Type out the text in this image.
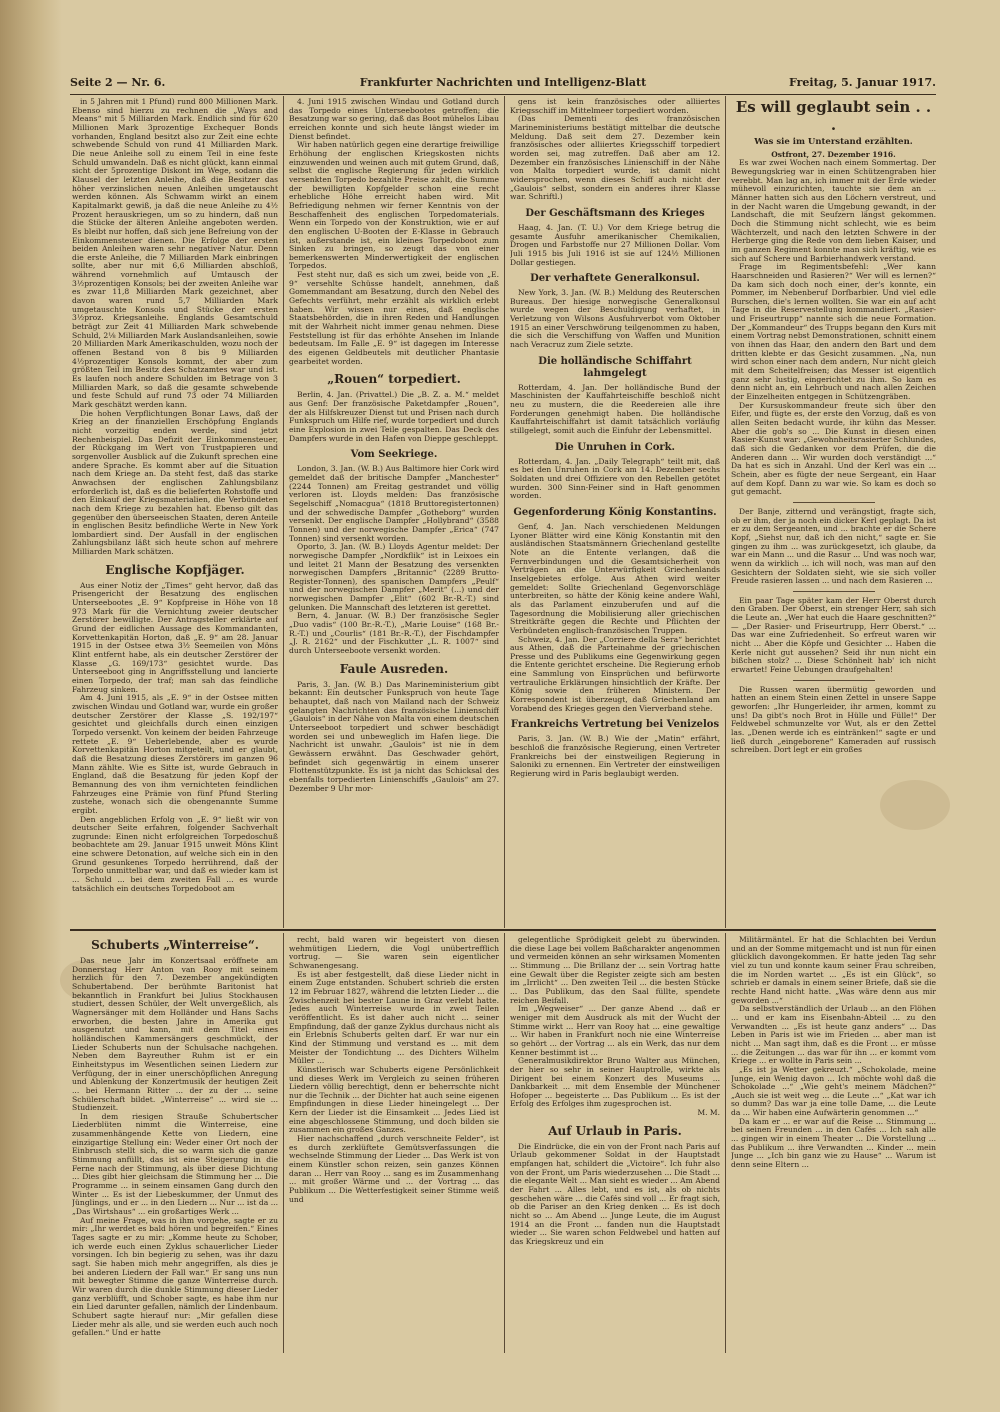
Seite 2 — Nr. 6.	Frankfurter Nachrichten und Intelligenz-Blatt	Freitag, 5. Januar 1917.

in 5 Jahren mit 1 Pfund) rund 800 Millionen Mark. Ebenso sind hierzu zu rechnen die „Ways and Means“ mit 5 Milliarden Mark. Endlich sind für 620 Millionen Mark 3prozentige Exchequer Bonds vorhanden, England besitzt also zur Zeit eine echte schwebende Schuld von rund 41 Milliarden Mark. Die neue Anleihe soll zu einem Teil in eine feste Schuld umwandeln. Daß es nicht glückt, kann einmal sicht der 5prozentige Diskont im Wege, sodann die Klausel der letzten Anleihe, daß die Besitzer das höher verzinslichen neuen Anleihen umgetauscht werden können. Als Schwamm wirkt an einem Kapitalmarkt gewiß, ja daß die neue Anleihe zu 4½ Prozent herauskriegen, um so zu hindern, daß nun die Stücke der älteren Anleihe angeboten werden. Es bleibt nur hoffen, daß sich jene Befreiung von der Einkommensteuer dienen. Die Erfolge der ersten beiden Anleihen waren sehr negativer Natur. Denn die erste Anleihe, die 7 Milliarden Mark einbringen sollte, aber nur mit 6,6 Milliarden abschloß, während vornehmlich auf Umtausch der 3½prozentigen Konsols; bei der zweiten Anleihe war es zwar 11,8 Milliarden Mark gezeichnet, aber davon waren rund 5,7 Milliarden Mark umgetauschte Konsols und Stücke der ersten 3½proz. Kriegsanleihe. Englands Gesamtschuld beträgt zur Zeit 41 Milliarden Mark schwebende Schuld, 2⅛ Milliarden Mark Auslandsanleihen, sowie 20 Milliarden Mark Amerikaschulden, wozu noch der offenen Bestand von 8 bis 9 Milliarden 4½prozentiger Konsols kommt, der aber zum größten Teil im Besitz des Schatzamtes war und ist. Es laufen noch andere Schulden im Betrage von 3 Milliarden Mark, so daß die gesamte schwebende und feste Schuld auf rund 73 oder 74 Milliarden Mark geschätzt werden kann.

Die hohen Verpflichtungen Bonar Laws, daß der Krieg an der finanziellen Erschöpfung Englands nicht vorzeitig enden werde, sind jetzt Rechenbeispiel. Das Defizit der Einkommensteuer, der Rückgang im Wert von Trustpapieren und sorgenvoller Ausblick auf die Zukunft sprechen eine andere Sprache. Es kommt aber auf die Situation nach dem Kriege an. Da steht fest, daß das starke Anwachsen der englischen Zahlungsbilanz erforderlich ist, daß es die belieferten Rohstoffe und den Einkauf der Kriegsmaterialien, die Verbündeten nach dem Kriege zu bezahlen hat. Ebenso gilt das gegenüber den überseeischen Staaten, deren Anteile in englischen Besitz befindliche Werte in New York lombardiert sind. Der Ausfall in der englischen Zahlungsbilanz läßt sich heute schon auf mehrere Milliarden Mark schätzen.

Englische Kopfjäger.

Aus einer Notiz der „Times“ geht hervor, daß das Prisengericht der Besatzung des englischen Unterseebootes „E. 9“ Kopfpreise in Höhe von 18 973 Mark für die Vernichtung zweier deutscher Zerstörer bewilligte. Der Antragsteller erklärte auf Grund der eidlichen Aussage des Kommandanten, Korvettenkapitän Horton, daß „E. 9“ am 28. Januar 1915 in der Ostsee etwa 3½ Seemeilen von Möns Klint entfernt habe, als ein deutscher Zerstörer der Klasse „G. 169/173“ gesichtet wurde. Das Unterseeboot ging in Angriffsstellung und lancierte einen Torpedo, der traf; man sah das feindliche Fahrzeug sinken.

Am 4. Juni 1915, als „E. 9“ in der Ostsee mitten zwischen Windau und Gotland war, wurde ein großer deutscher Zerstörer der Klasse „S. 192/197“ gesichtet und gleichfalls durch einen einzigen Torpedo versenkt. Von keinem der beiden Fahrzeuge rettete „E. 9“ Ueberlebende, aber es wurde Korvettenkapitän Horton mitgeteilt, und er glaubt, daß die Besatzung dieses Zerstörers im ganzen 96 Mann zählte. Wie es Sitte ist, wurde Gebrauch in England, daß die Besatzung für jeden Kopf der Bemannung des von ihm vernichteten feindlichen Fahrzeuges eine Prämie von fünf Pfund Sterling zustehe, wonach sich die obengenannte Summe ergibt.

Den angeblichen Erfolg von „E. 9“ ließt wir von deutscher Seite erfahren, folgender Sachverhalt zugrunde: Einen nicht erfolgreichen Torpedoschuß beobachtete am 29. Januar 1915 unweit Möns Klint eine schwere Detonation, auf welche sich ein in den Grund gesunkenes Torpedo herrührend, daß der Torpedo unmittelbar war, und daß es wieder kam ist ... Schuld ... bei dem zweiten Fall ... es wurde tatsächlich ein deutsches Torpedoboot am

4. Juni 1915 zwischen Windau und Gotland durch das Torpedo eines Unterseebootes getroffen; die Besatzung war so gering, daß das Boot mühelos Libau erreichen konnte und sich heute längst wieder im Dienst befindet.

Wir haben natürlich gegen eine derartige freiwillige Erhöhung der englischen Kriegskosten nichts einzuwenden und weinen auch mit gutem Grund, daß, selbst die englische Regierung für jeden wirklich versenkten Torpedo bezahlte Preise zahlt, die Summe der bewilligten Kopfgelder schon eine recht erhebliche Höhe erreicht haben wird. Mit Befriedigung nehmen wir ferner Kenntnis von der Beschaffenheit des englischen Torpedomaterials. Wenn ein Torpedo von der Konstruktion, wie er auf den englischen U-Booten der E-Klasse in Gebrauch ist, außerstande ist, ein kleines Torpedoboot zum Sinken zu bringen, so zeugt das von einer bemerkenswerten Minderwertigkeit der englischen Torpedos.

Fest steht nur, daß es sich um zwei, beide von „E. 9“ versehlte Schüsse handelt, annehmen, daß Gomemmandant am Besatzung, durch den Nebel des Gefechts verführt, mehr erzählt als wirklich erlebt haben. Wir wissen nur eines, daß englische Staatsbehörden, die in ihren Reden und Handlungen mit der Wahrheit nicht immer genau nehmen. Diese Feststellung ist für das erhöhte Ansehen im Inlande bedeutsam. Im Falle „E. 9“ ist dagegen im Interesse des eigenen Geldbeutels mit deutlicher Phantasie gearbeitet worden.

„Rouen“ torpediert.

Berlin, 4. Jan. (Privattel.) Die „B. Z. a. M.“ meldet aus Genf: Der französische Paketdampfer „Rouen“, der als Hilfskreuzer Dienst tut und Prisen nach durch Funkspruch um Hilfe rief, wurde torpediert und durch eine Explosion in zwei Teile gespalten. Das Deck des Dampfers wurde in den Hafen von Dieppe geschleppt.

Vom Seekriege.

London, 3. Jan. (W. B.) Aus Baltimore hier Cork wird gemeldet daß der britische Dampfer „Manchester“ (2244 Tonnen) am Freitag gestrandet und völlig verloren ist. Lloyds melden: Das französische Segelschiff „Nomacgua“ (1818 Bruttoregistertonnen) und der schwedische Dampfer „Gotheborg“ wurden versenkt. Der englische Dampfer „Hollybrand“ (3588 Tonnen) und der norwegische Dampfer „Erica“ (747 Tonnen) sind versenkt worden.

Oporto, 3. Jan. (W. B.) Lloyds Agentur meldet: Der norwegische Dampfer „Nordkflik“ ist in Leixoes ein und leitet 21 Mann der Besatzung des versenkten norwegischen Dampfers „Britannic“ (2289 Brutto-Register-Tonnen), des spanischen Dampfers „Peulf“ und der norwegischen Dampfer „Merit“ (...) und der norwegischen Dampfer „Elit“ (602 Br.-R.-T.) sind gelunken. Die Mannschaft des letzteren ist gerettet.

Bern, 4. Januar. (W. B.) Der französische Segler „Duo vadis“ (100 Br.-R.-T.), „Marie Louise“ (168 Br.-R.-T.) und „Courlis“ (181 Br.-R.-T.), der Fischdampfer „J. R. 2162“ und der Fischkutter „L. R. 1007“ sind durch Unterseeboote versenkt worden.

Faule Ausreden.

Paris, 3. Jan. (W. B.) Das Marineministerium gibt bekannt: Ein deutscher Funkspruch von heute Tage behauptet, daß nach von Mailand nach der Schweiz gelangten Nachrichten das französische Linienschiff „Gaulois“ in der Nähe von Malta von einem deutschen Unterseeboot torpediert und schwer beschädigt worden sei und unbeweglich im Hafen liege. Die Nachricht ist unwahr. „Gaulois“ ist nie in dem Gewässern erwähnt. Das Geschwader gehört, befindet sich gegenwärtig in einem unserer Flottenstützpunkte. Es ist ja nicht das Schicksal des ebenfalls torpedierten Linienschiffs „Gaulois“ am 27. Dezember 9 Uhr mor-

gens ist kein französisches oder alliiertes Kriegsschiff im Mittelmeer torpediert worden.

(Das Dementi des französischen Marineministeriums bestätigt mittelbar die deutsche Meldung. Daß seit dem 27. Dezember kein französisches oder alliiertes Kriegsschiff torpediert worden sei, mag zutreffen. Daß aber am 12. Dezember ein französisches Linienschiff in der Nähe von Malta torpediert wurde, ist damit nicht widersprochen, wenn dieses Schiff auch nicht der „Gaulois“ selbst, sondern ein anderes ihrer Klasse war. Schriftl.)

Der Geschäftsmann des Krieges

Haag, 4. Jan. (T. U.) Vor dem Kriege betrug die gesamte Ausfuhr amerikanischer Chemikalien, Drogen und Farbstoffe nur 27 Millionen Dollar. Vom Juli 1915 bis Juli 1916 ist sie auf 124½ Millionen Dollar gestiegen.

Der verhaftete Generalkonsul.

New York, 3. Jan. (W. B.) Meldung des Reuterschen Bureaus. Der hiesige norwegische Generalkonsul wurde wegen der Beschuldigung verhaftet, in Verletzung von Wilsons Ausfuhrverbot vom Oktober 1915 an einer Verschwörung teilgenommen zu haben, die sich die Verschiffung von Waffen und Munition nach Veracruz zum Ziele setzte.

Die holländische Schiffahrt lahmgelegt

Rotterdam, 4. Jan. Der holländische Bund der Maschinisten der Kauffahrteischiffe beschloß nicht neu zu mustern, die die Reedereien alle ihre Forderungen genehmigt haben. Die holländische Kauffahrteischiffahrt ist damit tatsächlich vorläufig stillgelegt, somit auch die Einfuhr der Lebensmittel.

Die Unruhen in Cork.

Rotterdam, 4. Jan. „Daily Telegraph“ teilt mit, daß es bei den Unruhen in Cork am 14. Dezember sechs Soldaten und drei Offiziere von den Rebellen getötet wurden. 300 Sinn-Feiner sind in Haft genommen worden.

Gegenforderung König Konstantins.

Genf, 4. Jan. Nach verschiedenen Meldungen Lyoner Blätter wird eine König Konstantin mit den ausländischen Staatsmännern Griechenland gestellte Note an die Entente verlangen, daß die Fernverbindungen und die Gesamtsicherheit von Verträgen an die Unterwürfigkeit Griechenlands Inselgebietes erfolge. Aus Athen wird weiter gemeldet: Sollte Griechenland Gegenvorschläge unterbreiten, so hätte der König keine andere Wahl, als das Parlament einzuberufen und auf die Tagesordnung die Mobilisierung aller griechischen Streitkräfte gegen die Rechte und Pflichten der Verbündeten englisch-französischen Truppen.

Schweiz, 4. Jan. Der „Corriere della Sera“ berichtet aus Athen, daß die Parteinahme der griechischen Presse und des Publikums eine Gegenwirkung gegen die Entente gerichtet erscheine. Die Regierung erhob eine Sammlung von Einsprüchen und befürworte vertrauliche Erklärungen hinsichtlich der Kräfte. Der König sowie den früheren Ministern. Der Korrespondent ist überzeugt, daß Griechenland am Vorabend des Krieges gegen den Vierverband stehe.

Frankreichs Vertretung bei Venizelos

Paris, 3. Jan. (W. B.) Wie der „Matin“ erfährt, beschloß die französische Regierung, einen Vertreter Frankreichs bei der einstweiligen Regierung in Saloniki zu ernennen. Ein Vertreter der einstweiligen Regierung wird in Paris beglaubigt werden.

Es will geglaubt sein . . .
Was sie im Unterstand erzählten.
Ostfront, 27. Dezember 1916.

Es war zwei Wochen nach einem Sommertag. Der Bewegungskrieg war in einen Schützengraben hier verebbt. Man lag an, ich immer mit der Erde wieder mühevoll einzurichten, tauchte sie dem an ... Männer hatten sich aus den Löchern verstreut, und in der Nacht waren die Umgebung gewandt, in der Landschaft, die mit Seufzern längst gekommen. Doch die Stimmung nicht schlecht, wie es beim Wächterzelt, und nach den letzten Schwere in der Herberge ging die Rede von dem lieben Kaiser, und im ganzen Regiment konnte man sich kräftig, wie es sich auf Schere und Barbierhandwerk verstand.

Frage im Regimentsbefehl: „Wer kann Haarschneiden und Rasieren?“ Wer will es lernen?“ Da kam sich doch noch einer, der's konnte, ein Pommer, im Nebenberuf Dorfbarbier. Und viel edle Burschen, die's lernen wollten. Sie war ein auf acht Tage in die Reservestellung kommandiert. „Rasier- und Friseurtrupp“ nannte sich die neue Formation. Der „Kommandeur“ des Trupps begann den Kurs mit einem Vortrag nebst Demonstrationen, schnitt einem von ihnen das Haar, den andern den Bart und dem dritten klebte er das Gesicht zusammen. „Na, nun wird schon einer nach dem andern, Nur nicht gleich mit dem Scheitelfreisen; das Messer ist eigentlich ganz sehr lustig, eingerichtet zu ihm. So kam es denn nicht an, ein Lehrbuch und nach allen Zeichen der Einzelheiten entgegen in Schützengräben.

Der Kursuskommandeur freute sich über den Eifer, und fügte es, der erste den Vorzug, daß es von allen Seiten bedacht wurde, ihr kühn das Messer. Aber die gob's so ... Die Kunst in diesen einen Rasier-Kunst war: „Gewohnheitsrasierter Schlundes, daß sich die Gedanken vor dem Prüfen, die die Anderen dann ... Wir wurden doch verständigt ...“ Da hat es sich in Anzahl. Und der Kerl was ein ... Schein, aber es fügte der neue Sergeant, ein Haar auf dem Kopf. Dann zu war wie. So kam es doch so gut gemacht.

Der Banje, zitternd und verängstigt, fragte sich, ob er ihm, der ja noch ein dicker Kerl geplagt. Da ist er zu dem Sergeanten, und ... brachte er die Schere Kopf, „Siehst nur, daß ich den nicht,“ sagte er. Sie gingen zu ihm ... was zurückgesetzt, ich glaube, da war ein Mann ... und die Rasur ... Und was noch war, wenn da wirklich ... ich will noch, was man auf den Gesichtern der Soldaten sieht, wie sie sich voller Freude rasieren lassen ... und nach dem Rasieren ...

Ein paar Tage später kam der Herr Oberst durch den Graben. Der Oberst, ein strenger Herr, sah sich die Leute an. „Wer hat euch die Haare geschnitten?“ — „Der Rasier- und Friseurtrupp, Herr Oberst.“ ... Das war eine Zufriedenheit. So erfreut waren wir nicht ... Aber die Köpfe und Gesichter ... Haben die Kerle nicht gut aussehen? Seid ihr nun nicht ein bißchen stolz? ... Diese Schönheit hab' ich nicht erwartet! Feine Uebungen draufgehalten!

Die Russen waren übermütig geworden und hatten an einem Stein einen Zettel in unsere Sappe geworfen: „Ihr Hungerleider, ihr armen, kommt zu uns! Da gibt's noch Brot in Hülle und Fülle!“ Der Feldwebel schmunzelte vor Wut, als er den Zettel las. „Denen werde ich es eintränken!“ sagte er und ließ durch „eingeborene“ Kameraden auf russisch schreiben. Dort legt er ein großes

Schuberts „Winterreise“.

Das neue Jahr im Konzertsaal eröffnete am Donnerstag Herr Anton van Rooy mit seinem herzlich für den 7. Dezember angekündigten Schubertabend. Der berühmte Baritonist hat bekanntlich in Frankfurt bei Julius Stockhausen studiert, dessen Schüler, der Welt unvergeßlich, als Wagnersänger mit dem Holländer und Hans Sachs erworben, die besten Jahre in Amerika gut ausgenutzt und kann, mit dem Titel eines holländischen Kammersängers geschmückt, der Lieder Schuberts nun der Schulsache nachgehen. Neben dem Bayreuther Ruhm ist er ein Einheitstypus im Wesentlichen seinen Liedern zur Verfügung, der in einer unerschöpflichen Anregung und Ablenkung der Konzertmusik der heutigen Zeit ... bei Hermann Ritter ... der zu der ... seine Schülerschaft bildet. „Winterreise“ ... wird sie ... Studienzeit.

In dem riesigen Strauße Schubertscher Liederblüten nimmt die Winterreise, eine zusammenhängende Kette von Liedern, eine einzigartige Stellung ein: Weder einer Ort noch der Einbrusch stellt sich, die so warm sich die ganze Stimmung anfüllt, das ist eine Steigerung in die Ferne nach der Stimmung, als über diese Dichtung ... Dies gibt hier gleichsam die Stimmung her ... Die Programme ... in seinem einsamen Gang durch den Winter ... Es ist der Liebeskummer, der Unmut des Jünglings, und er ... in den Liedern ... Nur ... ist da ... „Das Wirtshaus“ ... ein großartiges Werk ...

Auf meine Frage, was in ihm vorgehe, sagte er zu mir: „Ihr werdet es bald hören und begreifen.“ Eines Tages sagte er zu mir: „Komme heute zu Schober, ich werde euch einen Zyklus schauerlicher Lieder vorsingen. Ich bin begierig zu sehen, was ihr dazu sagt. Sie haben mich mehr angegriffen, als dies je bei anderen Liedern der Fall war.“ Er sang uns nun mit bewegter Stimme die ganze Winterreise durch. Wir waren durch die dunkle Stimmung dieser Lieder ganz verblüfft, und Schober sagte, es habe ihm nur ein Lied darunter gefallen, nämlich der Lindenbaum. Schubert sagte hierauf nur: „Mir gefallen diese Lieder mehr als alle, und sie werden euch auch noch gefallen.“ Und er hatte

recht, bald waren wir begeistert von diesen wehmütigen Liedern, die Vogl unübertrefflich vortrug. — Sie waren sein eigentlicher Schwanengesang.

Es ist aber festgestellt, daß diese Lieder nicht in einem Zuge entstanden. Schubert schrieb die ersten 12 im Februar 1827, während die letzten Lieder ... die Zwischenzeit bei bester Laune in Graz verlebt hatte. Jedes auch Winterreise wurde in zwei Teilen veröffentlicht. Es ist daher auch nicht ... seiner Empfindung, daß der ganze Zyklus durchaus nicht als ein Erlebnis Schuberts gelten darf. Er war nur ein Kind der Stimmung und verstand es ... mit dem Meister der Tondichtung ... des Dichters Wilhelm Müller ...

Künstlerisch war Schuberts eigene Persönlichkeit und dieses Werk im Vergleich zu seinen früheren Liedern völlig berechtigt, denn er beherrschte nicht nur die Technik ... der Dichter hat auch seine eigenen Empfindungen in diese Lieder hineingelegt ... Der Kern der Lieder ist die Einsamkeit ... Jedes Lied ist eine abgeschlossene Stimmung, und doch bilden sie zusammen ein großes Ganzes.

Hier nachschaffend „durch verschneite Felder“, ist es durch zerklüftete Gemütsverfassungen die wechselnde Stimmung der Lieder ... Das Werk ist von einem Künstler schon reizen, sein ganzes Können daran ... Herr van Rooy ... sang es im Zusammenhang ... mit großer Wärme und ... der Vortrag ... das Publikum ... Die Wetterfestigkeit seiner Stimme weiß und

gelegentliche Sprödigkeit gelebt zu überwinden. die diese Lage bei vollem Baßcharakter angenommen und vermeiden können an sehr wirksamen Momenten ... Stimmung ... Die Brillanz der ... sein Vortrag hatte eine Gewalt über die Register zeigte sich am besten im „Irrlicht“ ... Den zweiten Teil ... die besten Stücke ... Das Publikum, das den Saal füllte, spendete reichen Beifall.

Im „Wegweiser“ ... Der ganze Abend ... daß er weniger mit dem Ausdruck als mit der Wucht der Stimme wirkt ... Herr van Rooy hat ... eine gewaltige ... Wir haben in Frankfurt noch nie eine Winterreise so gehört ... der Vortrag ... als ein Werk, das nur dem Kenner bestimmt ist ...

Generalmusikdirektor Bruno Walter aus München, der hier so sehr in seiner Hauptrolle, wirkte als Dirigent bei einem Konzert des Museums ... Dankbarkeit ... mit dem Ensemble der Münchener Hofoper ... begeisterte ... Das Publikum ... Es ist der Erfolg des Erfolges ihm zugesprochen ist.

M. M.
Auf Urlaub in Paris.

Die Eindrücke, die ein von der Front nach Paris auf Urlaub gekommener Soldat in der Hauptstadt empfangen hat, schildert die „Victoire“. Ich fuhr also von der Front, um Paris wiederzusehen ... Die Stadt ... die elegante Welt ... Man sieht es wieder ... Am Abend der Fahrt ... Alles lebt, und es ist, als ob nichts geschehen wäre ... die Cafés sind voll ... Er fragt sich, ob die Pariser an den Krieg denken ... Es ist doch nicht so ... Am Abend ... Junge Leute, die im August 1914 an die Front ... fanden nun die Hauptstadt wieder ... Sie waren schon Feldwebel und hatten auf das Kriegskreuz und ein

Militärmäntel. Er hat die Schlachten bei Verdun und an der Somme mitgemacht und ist nun für einen glücklich davongekommen. Er hatte jeden Tag sehr viel zu tun und konnte kaum seiner Frau schreiben, die im Norden wartet ... „Es ist ein Glück“, so schrieb er damals in einem seiner Briefe, daß sie die rechte Hand nicht hatte. „Was wäre denn aus mir geworden ...“

Da selbstverständlich der Urlaub ... an den Flöhen ... und er kam ins Eisenbahn-Abteil ... zu den Verwandten ... „Es ist heute ganz anders“ ... Das Leben in Paris ist wie im Frieden ... aber man ist nicht ... Man sagt ihm, daß es die Front ... er müsse ... die Zeitungen ... das war für ihn ... er kommt vom Kriege ... er wollte in Paris sein ...

„Es ist ja Wetter gekreuzt.“ „Schokolade, meine Junge, ein Wenig davon ... Ich möchte wohl daß die Schokolade ...“ „Wie geht's meinem Mädchen?“ „Auch sie ist weit weg ... die Leute ...“ „Kat war ich so dumm? Das war ja eine tolle Dame, ... die Leute da ... Wir haben eine Aufwärterin genommen ...“

Da kam er ... er war auf die Reise ... Stimmung ... bei seinen Freunden ... in den Cafés ... Ich sah alle ... gingen wir in einem Theater ... Die Vorstellung ... das Publikum ... ihre Verwandten ... Kinder ... mein Junge ... „Ich bin ganz wie zu Hause“ ... Warum ist denn seine Eltern ...
